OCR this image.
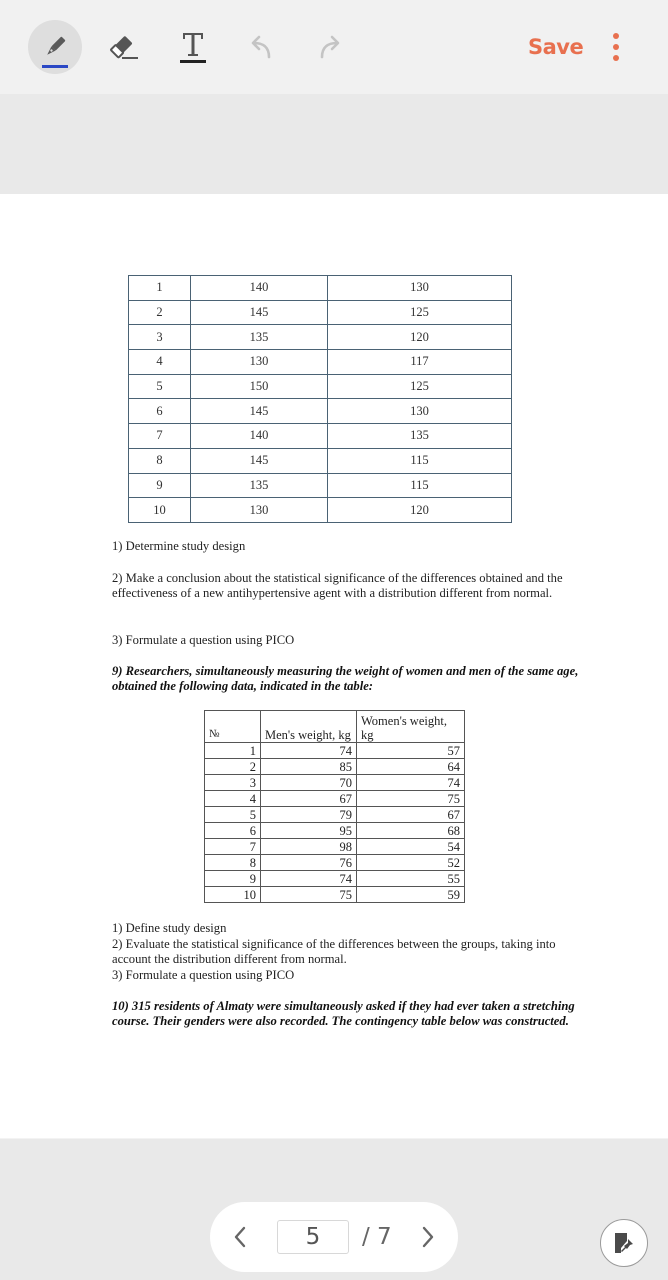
Save
1	140	130
2	145	125
3	135	120
4	130	117
5	150	125
6	145	130
7	140	135
8	145	115
9	135	115
10	130	120
1) Determine study design
2) Make a conclusion about the statistical significance of the differences obtained and the effectiveness of a new antihypertensive agent with a distribution different from normal.
3) Formulate a question using PICO
9) Researchers, simultaneously measuring the weight of women and men of the same age, obtained the following data, indicated in the table:
№	Men's weight, kg	Women's weight, kg
1	74	57
2	85	64
3	70	74
4	67	75
5	79	67
6	95	68
7	98	54
8	76	52
9	74	55
10	75	59
1) Define study design
2) Evaluate the statistical significance of the differences between the groups, taking into account the distribution different from normal.
3) Formulate a question using PICO
10) 315 residents of Almaty were simultaneously asked if they had ever taken a stretching course. Their genders were also recorded. The contingency table below was constructed.
5	/ 7
